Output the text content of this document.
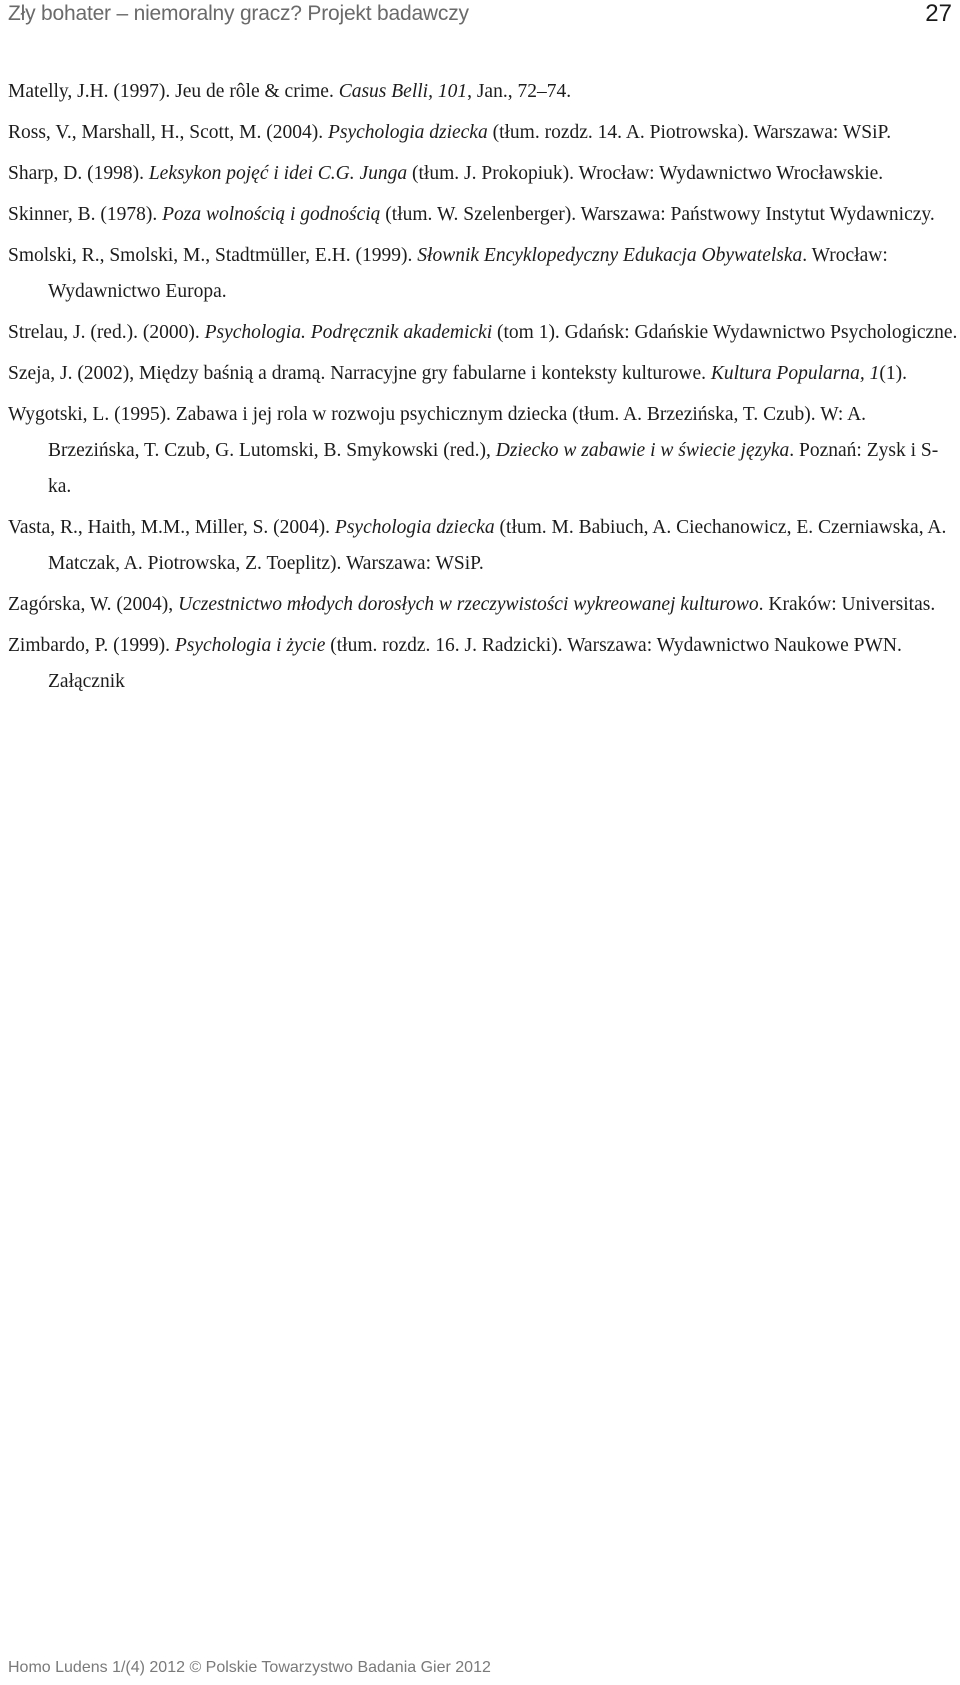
Zły bohater – niemoralny gracz? Projekt badawczy	27
Matelly, J.H. (1997). Jeu de rôle & crime. Casus Belli, 101, Jan., 72–74.
Ross, V., Marshall, H., Scott, M. (2004). Psychologia dziecka (tłum. rozdz. 14. A. Piotrowska). Warszawa: WSiP.
Sharp, D. (1998). Leksykon pojęć i idei C.G. Junga (tłum. J. Prokopiuk). Wrocław: Wydawnictwo Wrocławskie.
Skinner, B. (1978). Poza wolnością i godnością (tłum. W. Szelenberger). Warszawa: Państwowy Instytut Wydawniczy.
Smolski, R., Smolski, M., Stadtmüller, E.H. (1999). Słownik Encyklopedyczny Edukacja Obywatelska. Wrocław: Wydawnictwo Europa.
Strelau, J. (red.). (2000). Psychologia. Podręcznik akademicki (tom 1). Gdańsk: Gdańskie Wydawnictwo Psychologiczne.
Szeja, J. (2002), Między baśnią a dramą. Narracyjne gry fabularne i konteksty kulturowe. Kultura Popularna, 1(1).
Wygotski, L. (1995). Zabawa i jej rola w rozwoju psychicznym dziecka (tłum. A. Brzezińska, T. Czub). W: A. Brzezińska, T. Czub, G. Lutomski, B. Smykowski (red.), Dziecko w zabawie i w świecie języka. Poznań: Zysk i S-ka.
Vasta, R., Haith, M.M., Miller, S. (2004). Psychologia dziecka (tłum. M. Babiuch, A. Ciechanowicz, E. Czerniawska, A. Matczak, A. Piotrowska, Z. Toeplitz). Warszawa: WSiP.
Zagórska, W. (2004), Uczestnictwo młodych dorosłych w rzeczywistości wykreowanej kulturowo. Kraków: Universitas.
Zimbardo, P. (1999). Psychologia i życie (tłum. rozdz. 16. J. Radzicki). Warszawa: Wydawnictwo Naukowe PWN. Załącznik
Homo Ludens 1/(4) 2012 © Polskie Towarzystwo Badania Gier 2012
